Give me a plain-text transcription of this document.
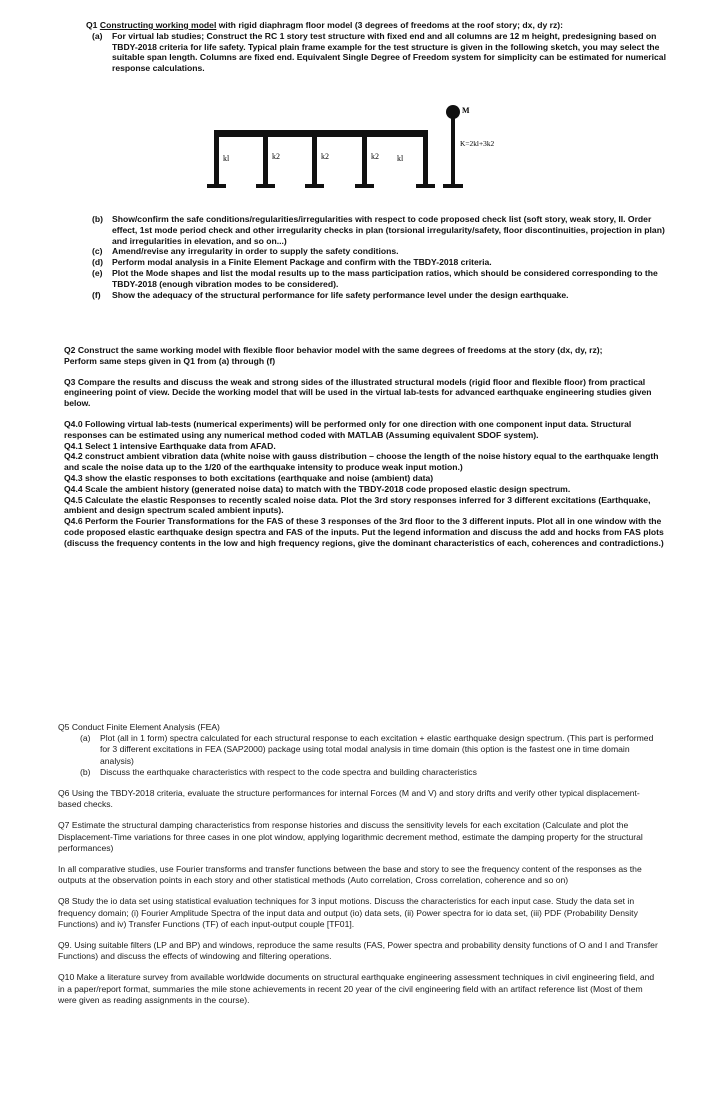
Q1 Constructing working model with rigid diaphragm floor model (3 degrees of freedoms at the roof story; dx, dy rz):

(a)	For virtual lab studies; Construct the RC 1 story test structure with fixed end and all columns are 12 m height, predesigning based on TBDY-2018 criteria for life safety. Typical plain frame example for the test structure is given in the following sketch, you may select the suitable span length. Columns are fixed end. Equivalent Single Degree of Freedom system for simplicity can be estimated for numerical response calculations.
kl	k2	k2	k2 kl
M
K=2kl+3k2
(b)	Show/confirm the safe conditions/regularities/irregularities with respect to code proposed check list (soft story, weak story, II. Order effect, 1st mode period check and other irregularity checks in plan (torsional irregularity/safety, floor discontinuities, projection in plan) and irregularities in elevation, and so on...)
(c)	Amend/revise any irregularity in order to supply the safety conditions.
(d)	Perform modal analysis in a Finite Element Package and confirm with the TBDY-2018 criteria.
(e)	Plot the Mode shapes and list the modal results up to the mass participation ratios, which should be considered corresponding to the TBDY-2018 (enough vibration modes to be considered).
(f)	Show the adequacy of the structural performance for life safety performance level under the design earthquake.

Q2 Construct the same working model with flexible floor behavior model with the same degrees of freedoms at the story (dx, dy, rz);

Perform same steps given in Q1 from (a) through (f)

Q3 Compare the results and discuss the weak and strong sides of the illustrated structural models (rigid floor and flexible floor) from practical engineering point of view. Decide the working model that will be used in the virtual lab-tests for advanced earthquake engineering studies given below.

Q4.0 Following virtual lab-tests (numerical experiments) will be performed only for one direction with one component input data. Structural responses can be estimated using any numerical method coded with MATLAB (Assuming equivalent SDOF system).

Q4.1 Select 1 intensive Earthquake data from AFAD.

Q4.2 construct ambient vibration data (white noise with gauss distribution – choose the length of the noise history equal to the earthquake length and scale the noise data up to the 1/20 of the earthquake intensity to produce weak input motion.)

Q4.3 show the elastic responses to both excitations (earthquake and noise (ambient) data)

Q4.4 Scale the ambient history (generated noise data) to match with the TBDY-2018 code proposed elastic design spectrum.

Q4.5 Calculate the elastic Responses to recently scaled noise data. Plot the 3rd story responses inferred for 3 different excitations (Earthquake, ambient and design spectrum scaled ambient inputs).

Q4.6 Perform the Fourier Transformations for the FAS of these 3 responses of the 3rd floor to the 3 different inputs. Plot all in one window with the code proposed elastic earthquake design spectra and FAS of the inputs. Put the legend information and discuss the add and hocks from FAS plots (discuss the frequency contents in the low and high frequency regions, give the dominant characteristics of each, coherences and contradictions.)

Q5 Conduct Finite Element Analysis (FEA)

(a)	Plot (all in 1 form) spectra calculated for each structural response to each excitation + elastic earthquake design spectrum. (This part is performed for 3 different excitations in FEA (SAP2000) package using total modal analysis in time domain (this option is the fastest one in time domain analysis)
(b)	Discuss the earthquake characteristics with respect to the code spectra and building characteristics

Q6 Using the TBDY-2018 criteria, evaluate the structure performances for internal Forces (M and V) and story drifts and verify other typical displacement-based checks.

Q7 Estimate the structural damping characteristics from response histories and discuss the sensitivity levels for each excitation (Calculate and plot the Displacement-Time variations for three cases in one plot window, applying logarithmic decrement method, estimate the damping property for the structural performances)

In all comparative studies, use Fourier transforms and transfer functions between the base and story to see the frequency content of the responses as the outputs at the observation points in each story and other statistical methods (Auto correlation, Cross correlation, coherence and so on)

Q8 Study the io data set using statistical evaluation techniques for 3 input motions. Discuss the characteristics for each input case. Study the data set in frequency domain; (i) Fourier Amplitude Spectra of the input data and output (io) data sets, (ii) Power spectra for io data set, (iii) PDF (Probability Density Functions) and iv) Transfer Functions (TF) of each input-output couple [TF01].

Q9. Using suitable filters (LP and BP) and windows, reproduce the same results (FAS, Power spectra and probability density functions of O and I and Transfer Functions) and discuss the effects of windowing and filtering operations.

Q10 Make a literature survey from available worldwide documents on structural earthquake engineering assessment techniques in civil engineering field, and in a paper/report format, summaries the mile stone achievements in recent 20 year of the civil engineering field with an artifact reference list (Most of them were given as reading assignments in the course).
